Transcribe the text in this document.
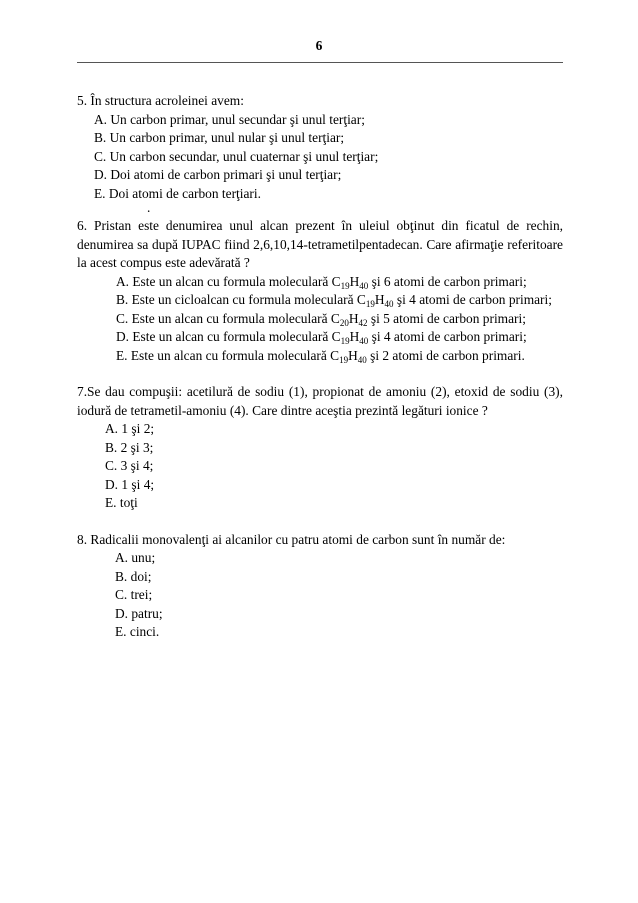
6
5. În structura acroleinei avem:
A. Un carbon primar, unul secundar şi unul terţiar;
B. Un carbon primar, unul nular şi unul terţiar;
C. Un carbon secundar, unul cuaternar şi unul terţiar;
D. Doi atomi de carbon primari şi unul terţiar;
E. Doi atomi de carbon terţiari.
.
6. Pristan este denumirea unul alcan prezent în uleiul obţinut din ficatul de rechin, denumirea sa după IUPAC fiind 2,6,10,14-tetrametilpentadecan. Care afirmaţie referitoare la acest compus este adevărată ?
A. Este un alcan cu formula moleculară $C_{19}H_{40}$ şi 6 atomi de carbon primari;
B. Este un cicloalcan cu formula moleculară $C_{19}H_{40}$ şi 4 atomi de carbon primari;
C. Este un alcan cu formula moleculară $C_{20}H_{42}$ şi 5 atomi de carbon primari;
D. Este un alcan cu formula moleculară $C_{19}H_{40}$ şi 4 atomi de carbon primari;
E. Este un alcan cu formula moleculară $C_{19}H_{40}$ şi 2 atomi de carbon primari.
7.Se dau compuşii: acetilură de sodiu (1), propionat de amoniu (2), etoxid de sodiu (3), iodură de tetrametil-amoniu (4). Care dintre aceştia prezintă legături ionice ?
A. 1 şi 2;
B. 2 şi 3;
C. 3 şi 4;
D. 1 şi 4;
E. toţi
8. Radicalii monovalenţi ai alcanilor cu patru atomi de carbon sunt în număr de:
A. unu;
B. doi;
C. trei;
D. patru;
E. cinci.
